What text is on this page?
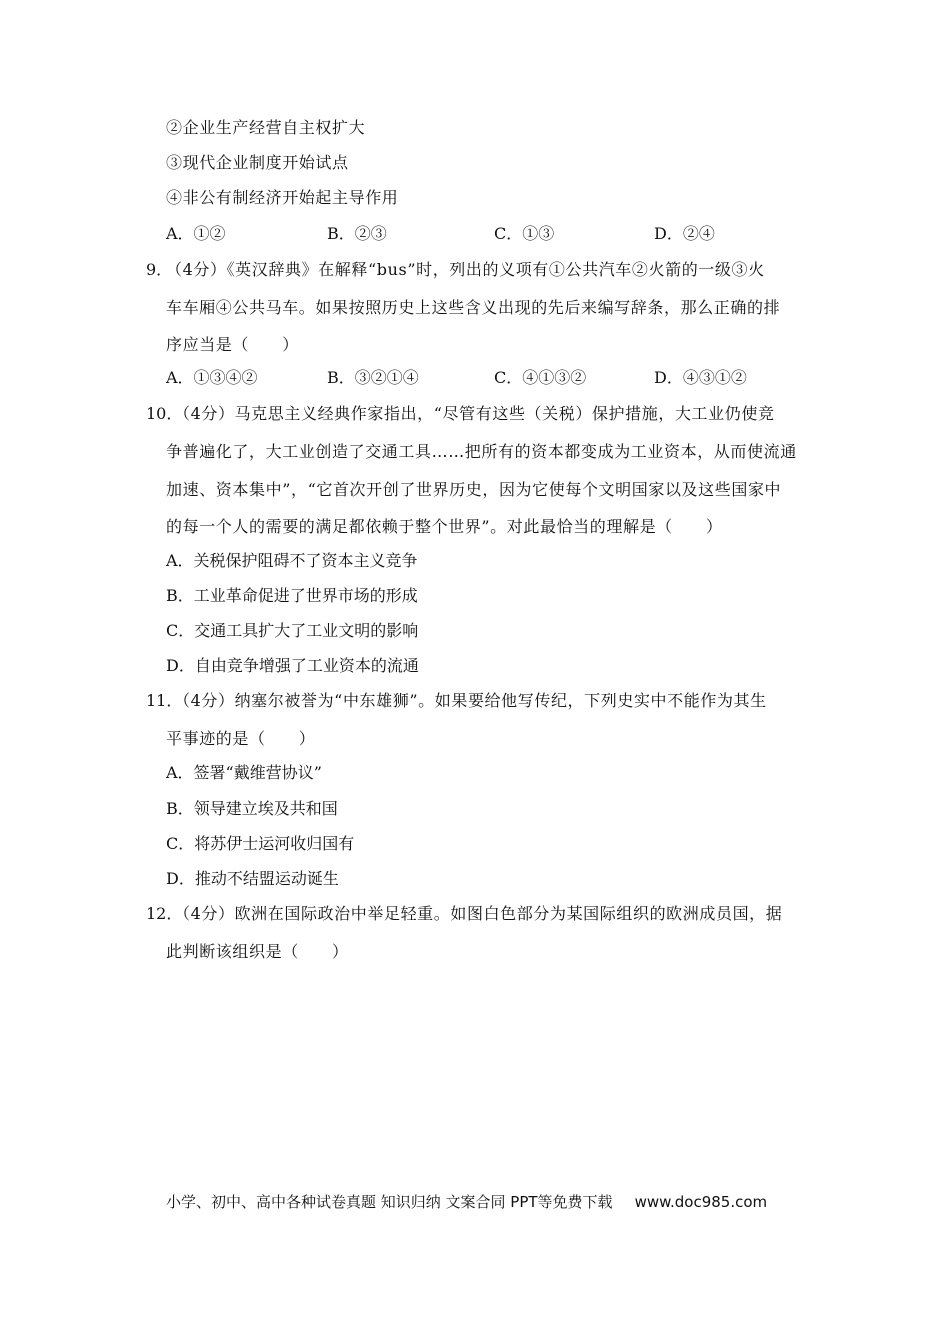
②企业生产经营自主权扩大
③现代企业制度开始试点
④非公有制经济开始起主导作用
A．①②	B．②③	C．①③	D．②④
9．
（4分）《英汉辞典》在解释“bus”时，列出的义项有①公共汽车②火箭的一级③火
车车厢④公共马车。如果按照历史上这些含义出现的先后来编写辞条，那么正确的排
序应当是（　　）
A．①③④②	B．③②①④	C．④①③②	D．④③①②
10．
（4分）马克思主义经典作家指出，“尽管有这些（关税）保护措施，大工业仍使竞
争普遍化了，大工业创造了交通工具……把所有的资本都变成为工业资本，从而使流通
加速、资本集中”，“它首次开创了世界历史，因为它使每个文明国家以及这些国家中
的每一个人的需要的满足都依赖于整个世界”。对此最恰当的理解是（　　）
A．关税保护阻碍不了资本主义竞争
B．工业革命促进了世界市场的形成
C．交通工具扩大了工业文明的影响
D．自由竞争增强了工业资本的流通
11．
（4分）纳塞尔被誉为“中东雄狮”。如果要给他写传纪，下列史实中不能作为其生
平事迹的是（　　）
A．签署“戴维营协议”
B．领导建立埃及共和国
C．将苏伊士运河收归国有
D．推动不结盟运动诞生
12．
（4分）欧洲在国际政治中举足轻重。如图白色部分为某国际组织的欧洲成员国，据
此判断该组织是（　　）
小学、初中、高中各种试卷真题 知识归纳 文案合同 PPT等免费下载 www.doc985.com
